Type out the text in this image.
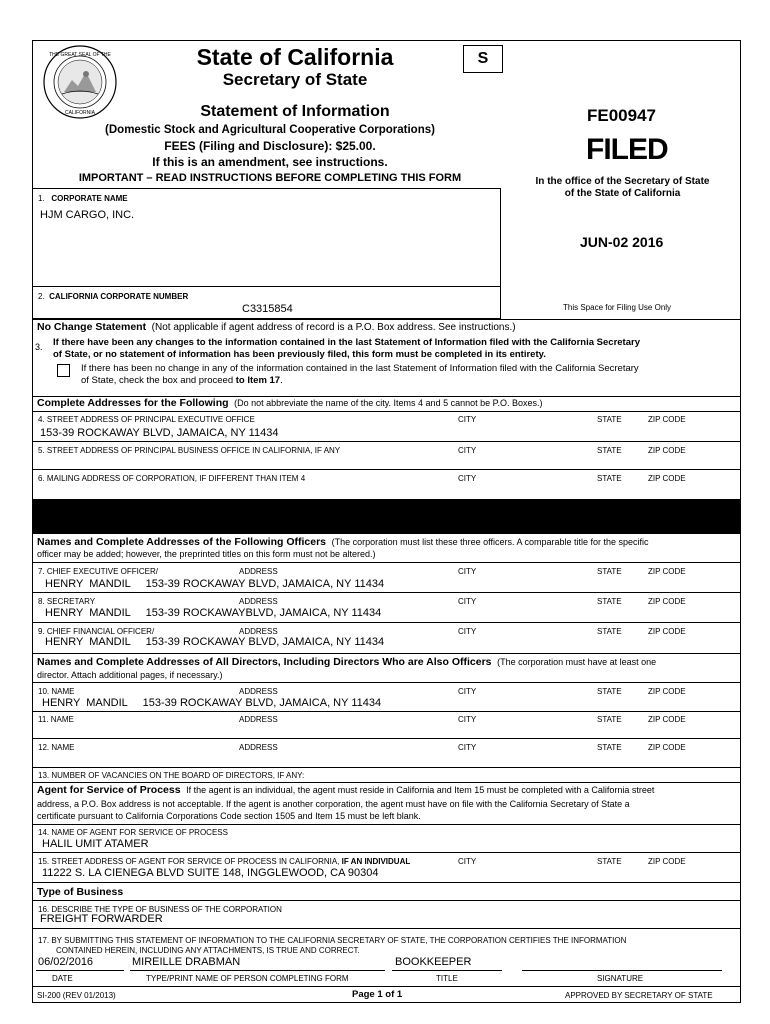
THE GREAT SEAL OF THE
CALIFORNIA
State of California
Secretary of State
S
Statement of Information
(Domestic Stock and Agricultural Cooperative Corporations)
FEES (Filing and Disclosure): $25.00.
If this is an amendment, see instructions.
IMPORTANT – READ INSTRUCTIONS BEFORE COMPLETING THIS FORM
FE00947
FILED
In the office of the Secretary of State
of the State of California
JUN-02 2016
This Space for Filing Use Only
1. CORPORATE NAME
HJM CARGO, INC.
2. CALIFORNIA CORPORATE NUMBER
C3315854
No Change Statement (Not applicable if agent address of record is a P.O. Box address. See instructions.)
3. If there have been any changes to the information contained in the last Statement of Information filed with the California Secretary
of State, or no statement of information has been previously filed, this form must be completed in its entirety.
If there has been no change in any of the information contained in the last Statement of Information filed with the California Secretary
of State, check the box and proceed to Item 17.
Complete Addresses for the Following (Do not abbreviate the name of the city. Items 4 and 5 cannot be P.O. Boxes.)
4. STREET ADDRESS OF PRINCIPAL EXECUTIVE OFFICE	CITY	STATE	ZIP CODE
153-39 ROCKAWAY BLVD, JAMAICA, NY 11434
5. STREET ADDRESS OF PRINCIPAL BUSINESS OFFICE IN CALIFORNIA, IF ANY	CITY	STATE	ZIP CODE
6. MAILING ADDRESS OF CORPORATION, IF DIFFERENT THAN ITEM 4	CITY	STATE	ZIP CODE
Names and Complete Addresses of the Following Officers (The corporation must list these three officers. A comparable title for the specific
officer may be added; however, the preprinted titles on this form must not be altered.)
7. CHIEF EXECUTIVE OFFICER/	ADDRESS	CITY	STATE	ZIP CODE
HENRY  MANDIL     153-39 ROCKAWAY BLVD, JAMAICA, NY 11434
8. SECRETARY	ADDRESS	CITY	STATE	ZIP CODE
HENRY  MANDIL     153-39 ROCKAWAYBLVD, JAMAICA, NY 11434
9. CHIEF FINANCIAL OFFICER/	ADDRESS	CITY	STATE	ZIP CODE
HENRY  MANDIL     153-39 ROCKAWAY BLVD, JAMAICA, NY 11434
Names and Complete Addresses of All Directors, Including Directors Who are Also Officers (The corporation must have at least one
director. Attach additional pages, if necessary.)
10. NAME	ADDRESS	CITY	STATE	ZIP CODE
HENRY  MANDIL     153-39 ROCKAWAY BLVD, JAMAICA, NY 11434
11. NAME	ADDRESS	CITY	STATE	ZIP CODE
12. NAME	ADDRESS	CITY	STATE	ZIP CODE
13. NUMBER OF VACANCIES ON THE BOARD OF DIRECTORS, IF ANY:
Agent for Service of Process If the agent is an individual, the agent must reside in California and Item 15 must be completed with a California street
address, a P.O. Box address is not acceptable. If the agent is another corporation, the agent must have on file with the California Secretary of State a
certificate pursuant to California Corporations Code section 1505 and Item 15 must be left blank.
14. NAME OF AGENT FOR SERVICE OF PROCESS
HALIL UMIT ATAMER
15. STREET ADDRESS OF AGENT FOR SERVICE OF PROCESS IN CALIFORNIA, IF AN INDIVIDUAL	CITY	STATE	ZIP CODE
11222 S. LA CIENEGA BLVD SUITE 148, INGGLEWOOD, CA 90304
Type of Business
16. DESCRIBE THE TYPE OF BUSINESS OF THE CORPORATION
FREIGHT FORWARDER
17. BY SUBMITTING THIS STATEMENT OF INFORMATION TO THE CALIFORNIA SECRETARY OF STATE, THE CORPORATION CERTIFIES THE INFORMATION
CONTAINED HEREIN, INCLUDING ANY ATTACHMENTS, IS TRUE AND CORRECT.
06/02/2016	MIREILLE DRABMAN	BOOKKEEPER
DATE	TYPE/PRINT NAME OF PERSON COMPLETING FORM	TITLE	SIGNATURE
SI-200 (REV 01/2013)	Page 1 of 1	APPROVED BY SECRETARY OF STATE
